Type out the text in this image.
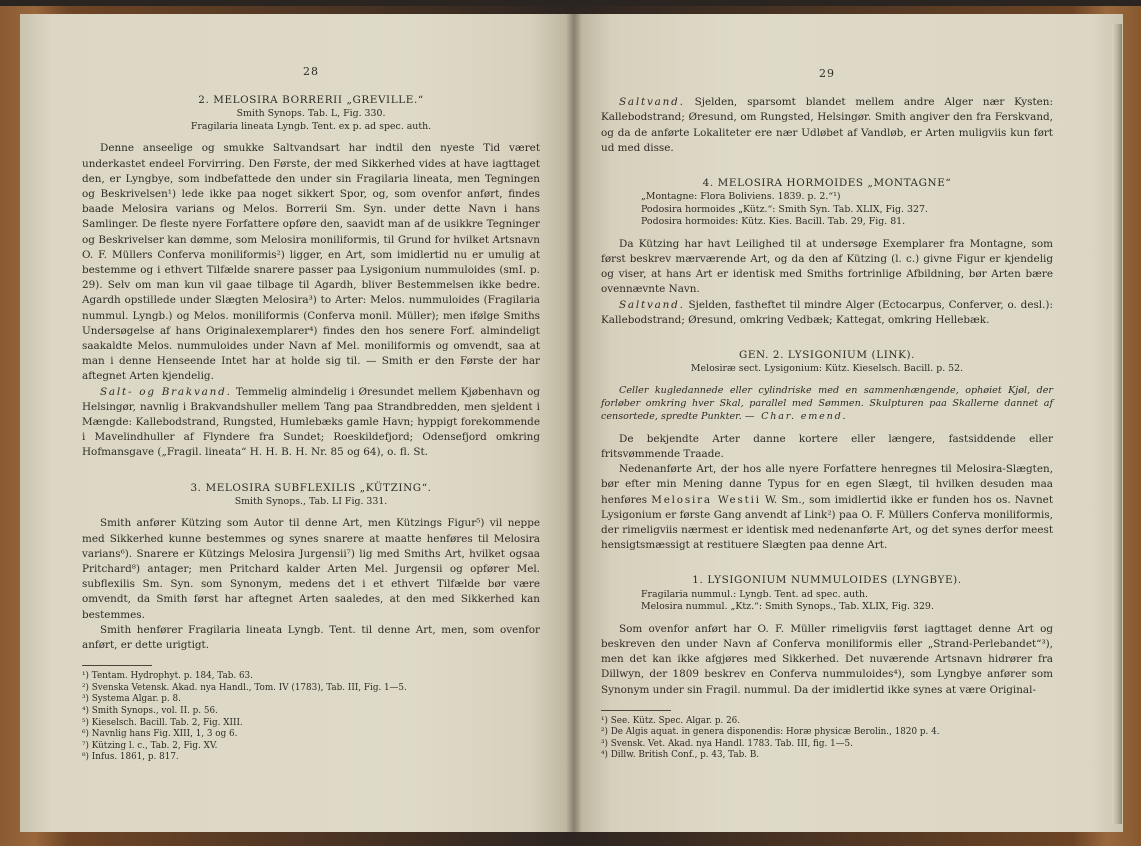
28
2. MELOSIRA BORRERII „GREVILLE.“
Smith Synops. Tab. L, Fig. 330.
Fragilaria lineata Lyngb. Tent. ex p. ad spec. auth.

Denne anseelige og smukke Saltvandsart har indtil den nyeste Tid været underkastet endeel Forvirring. Den Første, der med Sikkerhed vides at have iagttaget den, er Lyngbye, som indbefattede den under sin Fragilaria lineata, men Tegningen og Beskrivelsen¹) lede ikke paa noget sikkert Spor, og, som ovenfor anført, findes baade Melosira varians og Melos. Borrerii Sm. Syn. under dette Navn i hans Samlinger. De fleste nyere Forfattere opføre den, saavidt man af de usikkre Tegninger og Beskrivelser kan dømme, som Melosira moniliformis, til Grund for hvilket Artsnavn O. F. Müllers Conferva moniliformis²) ligger, en Art, som imidlertid nu er umulig at bestemme og i ethvert Tilfælde snarere passer paa Lysigonium nummuloides (smI. p. 29). Selv om man kun vil gaae tilbage til Agardh, bliver Bestemmelsen ikke bedre. Agardh opstillede under Slægten Melosira³) to Arter: Melos. nummuloides (Fragilaria nummul. Lyngb.) og Melos. moniliformis (Conferva monil. Müller); men ifølge Smiths Undersøgelse af hans Originalexemplarer⁴) findes den hos senere Forf. almindeligt saakaldte Melos. nummuloides under Navn af Mel. moniliformis og omvendt, saa at man i denne Henseende Intet har at holde sig til. — Smith er den Første der har aftegnet Arten kjendelig.

Salt- og Brakvand. Temmelig almindelig i Øresundet mellem Kjøbenhavn og Helsingør, navnlig i Brakvandshuller mellem Tang paa Strandbredden, men sjeldent i Mængde: Kallebodstrand, Rungsted, Humlebæks gamle Havn; hyppigt forekommende i Mavelindhuller af Flyndere fra Sundet; Roeskildefjord; Odensefjord omkring Hofmansgave („Fragil. lineata“ H. H. B. H. Nr. 85 og 64), o. fl. St.

3. MELOSIRA SUBFLEXILIS „KÜTZING“.
Smith Synops., Tab. LI Fig. 331.

Smith anfører Kützing som Autor til denne Art, men Kützings Figur⁵) vil neppe med Sikkerhed kunne bestemmes og synes snarere at maatte henføres til Melosira varians⁶). Snarere er Kützings Melosira Jurgensii⁷) lig med Smiths Art, hvilket ogsaa Pritchard⁸) antager; men Pritchard kalder Arten Mel. Jurgensii og opfører Mel. subflexilis Sm. Syn. som Synonym, medens det i et ethvert Tilfælde bør være omvendt, da Smith først har aftegnet Arten saaledes, at den med Sikkerhed kan bestemmes.

Smith henfører Fragilaria lineata Lyngb. Tent. til denne Art, men, som ovenfor anført, er dette urigtigt.

¹) Tentam. Hydrophyt. p. 184, Tab. 63.
²) Svenska Vetensk. Akad. nya Handl., Tom. IV (1783), Tab. III, Fig. 1—5.
³) Systema Algar. p. 8.
⁴) Smith Synops., vol. II. p. 56.
⁵) Kieselsch. Bacill. Tab. 2, Fig. XIII.
⁶) Navnlig hans Fig. XIII, 1, 3 og 6.
⁷) Kützing l. c., Tab. 2, Fig. XV.
⁸) Infus. 1861, p. 817.
29

Saltvand. Sjelden, sparsomt blandet mellem andre Alger nær Kysten: Kallebodstrand; Øresund, om Rungsted, Helsingør. Smith angiver den fra Ferskvand, og da de anførte Lokaliteter ere nær Udløbet af Vandløb, er Arten muligviis kun ført ud med disse.

4. MELOSIRA HORMOIDES „MONTAGNE“
„Montagne: Flora Boliviens. 1839. p. 2.“¹)
Podosira hormoides „Kütz.“: Smith Syn. Tab. XLIX, Fig. 327.
Podosira hormoides: Kütz. Kies. Bacill. Tab. 29, Fig. 81.

Da Kützing har havt Leilighed til at undersøge Exemplarer fra Montagne, som først beskrev mærværende Art, og da den af Kützing (l. c.) givne Figur er kjendelig og viser, at hans Art er identisk med Smiths fortrinlige Afbildning, bør Arten bære ovennævnte Navn.

Saltvand. Sjelden, fastheftet til mindre Alger (Ectocarpus, Conferver, o. desl.): Kallebodstrand; Øresund, omkring Vedbæk; Kattegat, omkring Hellebæk.

GEN. 2. LYSIGONIUM (LINK).
Melosiræ sect. Lysigonium: Kütz. Kieselsch. Bacill. p. 52.

Celler kugledannede eller cylindriske med en sammenhængende, ophøiet Kjøl, der forløber omkring hver Skal, parallel med Sømmen. Skulpturen paa Skallerne dannet af censortede, spredte Punkter. — Char. emend.

De bekjendte Arter danne kortere eller længere, fastsiddende eller fritsvømmende Traade.

Nedenanførte Art, der hos alle nyere Forfattere henregnes til Melosira-Slægten, bør efter min Mening danne Typus for en egen Slægt, til hvilken desuden maa henføres Melosira Westii W. Sm., som imidlertid ikke er funden hos os. Navnet Lysigonium er første Gang anvendt af Link²) paa O. F. Müllers Conferva moniliformis, der rimeligviis nærmest er identisk med nedenanførte Art, og det synes derfor meest hensigtsmæssigt at restituere Slægten paa denne Art.

1. LYSIGONIUM NUMMULOIDES (LYNGBYE).
Fragilaria nummul.: Lyngb. Tent. ad spec. auth.
Melosira nummul. „Ktz.“: Smith Synops., Tab. XLIX, Fig. 329.

Som ovenfor anført har O. F. Müller rimeligviis først iagttaget denne Art og beskreven den under Navn af Conferva moniliformis eller „Strand-Perlebandet“³), men det kan ikke afgjøres med Sikkerhed. Det nuværende Artsnavn hidrører fra Dillwyn, der 1809 beskrev en Conferva nummuloides⁴), som Lyngbye anfører som Synonym under sin Fragil. nummul. Da der imidlertid ikke synes at være Original-

¹) See. Kütz. Spec. Algar. p. 26.
²) De Algis aquat. in genera disponendis: Horæ physicæ Berolin., 1820 p. 4.
³) Svensk. Vet. Akad. nya Handl. 1783. Tab. III, fig. 1—5.
⁴) Dillw. British Conf., p. 43, Tab. B.
